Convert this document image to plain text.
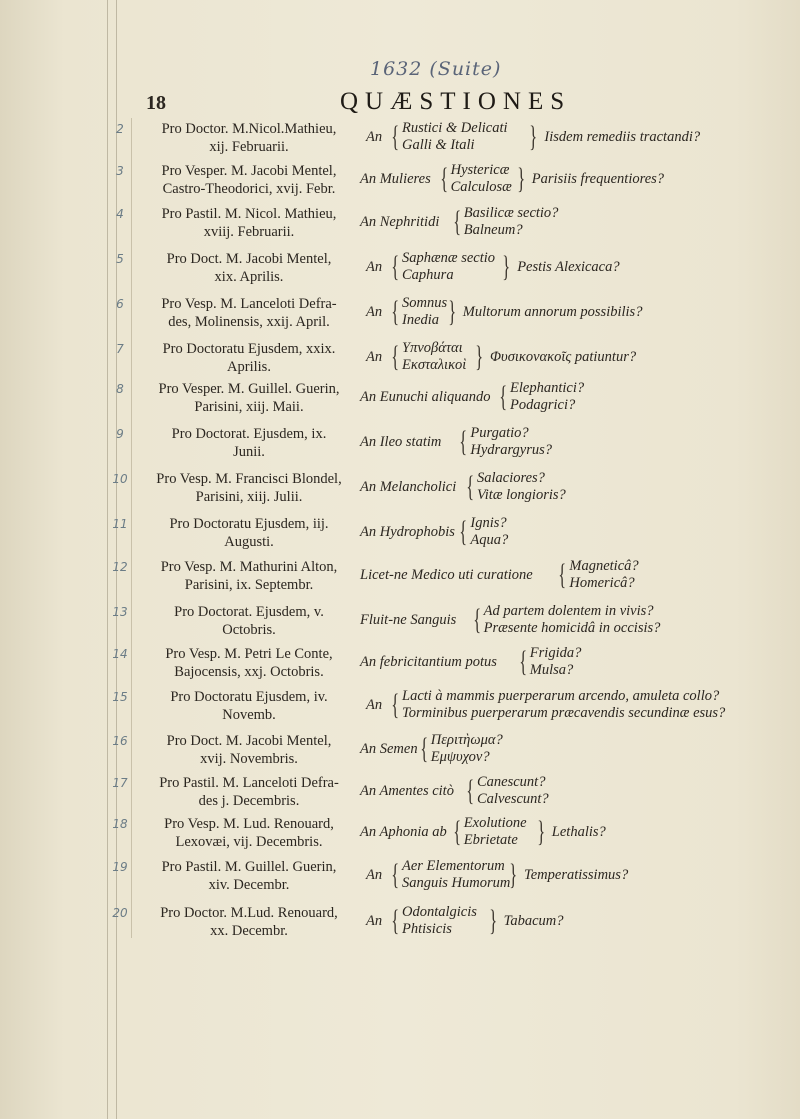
1632 (Suite)
18	QUÆSTIONES
2	Pro Doctor. M.Nicol.Mathieu,
xij. Februarii.
An { Rustici & Delicati
Galli & Itali } Iisdem remediis tractandi?
3	Pro Vesper. M. Jacobi Mentel,
Castro-Theodorici, xvij. Febr.
An Mulieres { Hystericæ
Calculosæ } Parisiis frequentiores?
4	Pro Pastil. M. Nicol. Mathieu,
xviij. Februarii.
An Nephritidi { Basilicæ sectio?
Balneum?
5	Pro Doct. M. Jacobi Mentel,
xix. Aprilis.
An { Saphænæ sectio
Caphura } Pestis Alexicaca?
6	Pro Vesp. M. Lanceloti Defra-
des, Molinensis, xxij. April.
An { Somnus
Inedia } Multorum annorum possibilis?
7	Pro Doctoratu Ejusdem, xxix.
Aprilis.
An { Υπνοβάται
Εκσταλικοὶ } Φυσικονακοῖς patiuntur?
8	Pro Vesper. M. Guillel. Guerin,
Parisini, xiij. Maii.
An Eunuchi aliquando { Elephantici?
Podagrici?
9	Pro Doctorat. Ejusdem, ix.
Junii.
An Ileo statim { Purgatio?
Hydrargyrus?
10	Pro Vesp. M. Francisci Blondel,
Parisini, xiij. Julii.
An Melancholici { Salaciores?
Vitæ longioris?
11	Pro Doctoratu Ejusdem, iij.
Augusti.
An Hydrophobis { Ignis?
Aqua?
12	Pro Vesp. M. Mathurini Alton,
Parisini, ix. Septembr.
Licet-ne Medico uti curatione { Magneticâ?
Homericâ?
13	Pro Doctorat. Ejusdem, v.
Octobris.
Fluit-ne Sanguis { Ad partem dolentem in vivis?
Præsente homicidâ in occisis?
14	Pro Vesp. M. Petri Le Conte,
Bajocensis, xxj. Octobris.
An febricitantium potus { Frigida?
Mulsa?
15	Pro Doctoratu Ejusdem, iv.
Novemb.
An { Lacti à mammis puerperarum arcendo, amuleta collo?
Torminibus puerperarum præcavendis secundinæ esus?
16	Pro Doct. M. Jacobi Mentel,
xvij. Novembris.
An Semen { Περιτὴωμα?
Εμψυχον?
17	Pro Pastil. M. Lanceloti Defra-
des j. Decembris.
An Amentes citò { Canescunt?
Calvescunt?
18	Pro Vesp. M. Lud. Renouard,
Lexovæi, vij. Decembris.
An Aphonia ab { Exolutione
Ebrietate } Lethalis?
19	Pro Pastil. M. Guillel. Guerin,
xiv. Decembr.
An { Aer Elementorum
Sanguis Humorum
} Temperatissimus?
20	Pro Doctor. M.Lud. Renouard,
xx. Decembr.
An { Odontalgicis
Phtisicis } Tabacum?
